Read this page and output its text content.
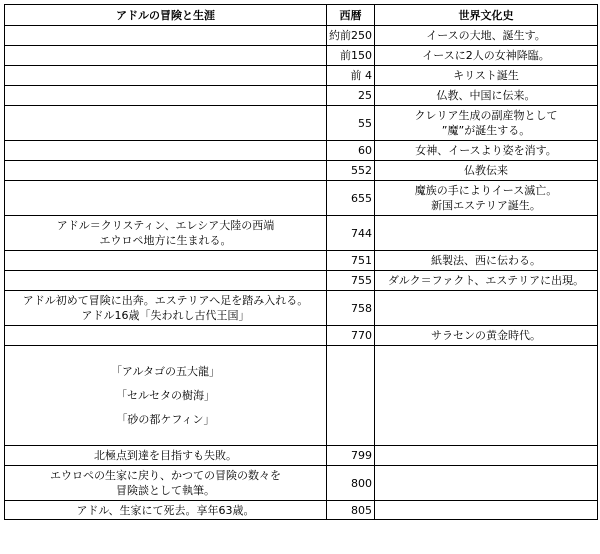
アドルの冒険と生涯	西暦	世界文化史
	約前250	イースの大地、誕生す。

	前150	イースに2人の女神降臨。

	前 4	キリスト誕生

	25	仏教、中国に伝来。

	55	クレリア生成の副産物として
”魔”が誕生する。

	60	女神、イースより姿を消す。

	552	仏教伝来

	655	魔族の手によりイース滅亡。
新国エステリア誕生。

アドル＝クリスティン、エレシア大陸の西端
エウロペ地方に生まれる。	744	
	751	紙製法、西に伝わる。

	755	ダルク＝ファクト、エステリアに出現。

アドル初めて冒険に出奔。エステリアへ足を踏み入れる。
アドル16歳「失われし古代王国」	758	
	770	サラセンの黄金時代。

「アルタゴの五大龍」
「セルセタの樹海」
「砂の都ケフィン」		

北極点到達を目指すも失敗。	799	

エウロペの生家に戻り、かつての冒険の数々を
冒険談として執筆。	800	

アドル、生家にて死去。享年63歳。	805	
